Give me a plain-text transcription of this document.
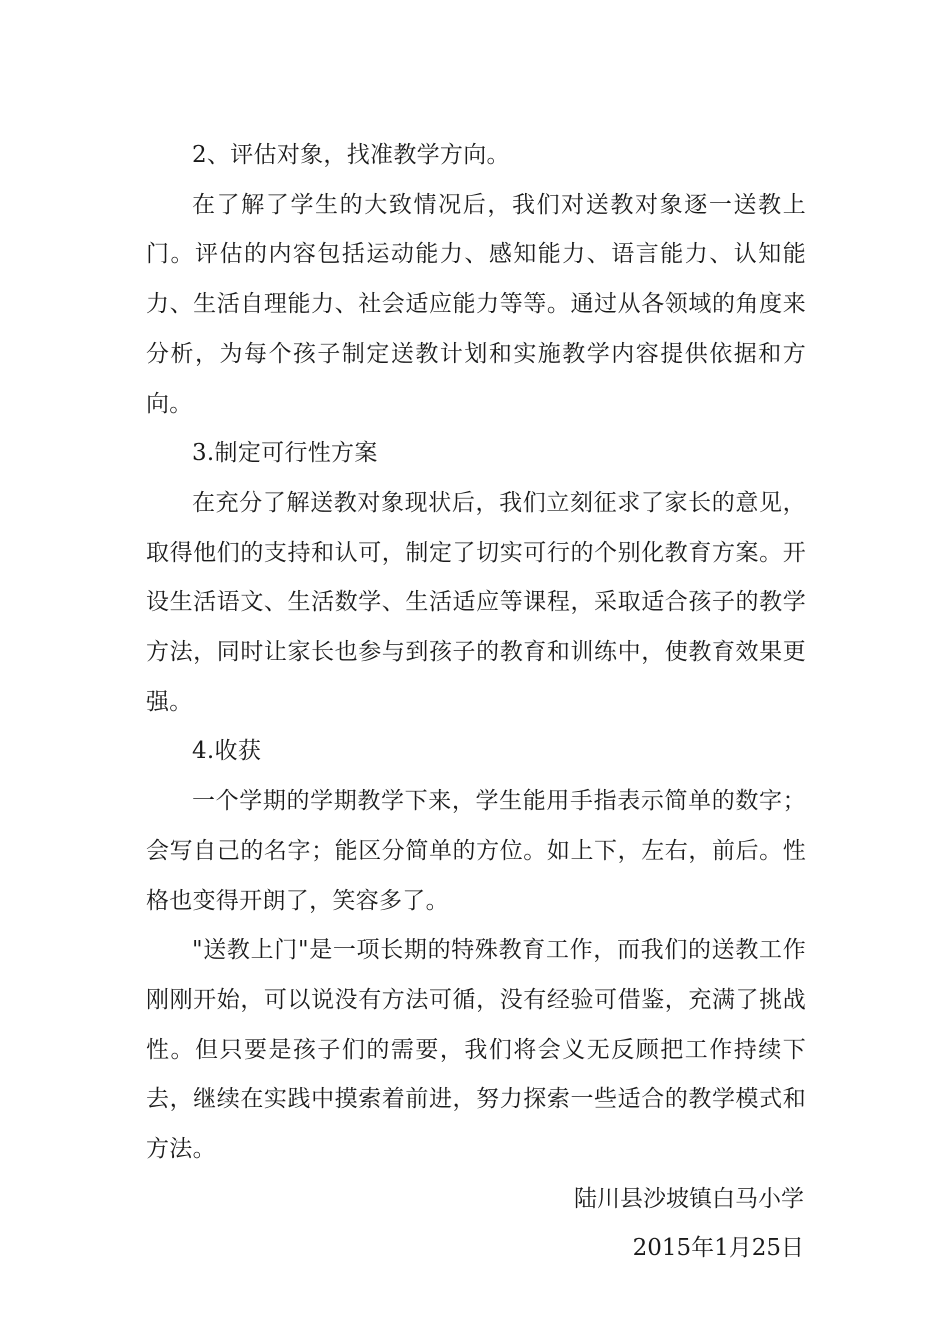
2、评估对象，找准教学方向。

在了解了学生的大致情况后，我们对送教对象逐一送教上门。评估的内容包括运动能力、感知能力、语言能力、认知能力、生活自理能力、社会适应能力等等。通过从各领域的角度来分析，为每个孩子制定送教计划和实施教学内容提供依据和方向。

3.制定可行性方案

在充分了解送教对象现状后，我们立刻征求了家长的意见，取得他们的支持和认可，制定了切实可行的个别化教育方案。开设生活语文、生活数学、生活适应等课程，采取适合孩子的教学方法，同时让家长也参与到孩子的教育和训练中，使教育效果更强。

4.收获

一个学期的学期教学下来，学生能用手指表示简单的数字；会写自己的名字；能区分简单的方位。如上下，左右，前后。性格也变得开朗了，笑容多了。

"送教上门"是一项长期的特殊教育工作，而我们的送教工作刚刚开始，可以说没有方法可循，没有经验可借鉴，充满了挑战性。但只要是孩子们的需要，我们将会义无反顾把工作持续下去，继续在实践中摸索着前进，努力探索一些适合的教学模式和方法。

陆川县沙坡镇白马小学

2015年1月25日
